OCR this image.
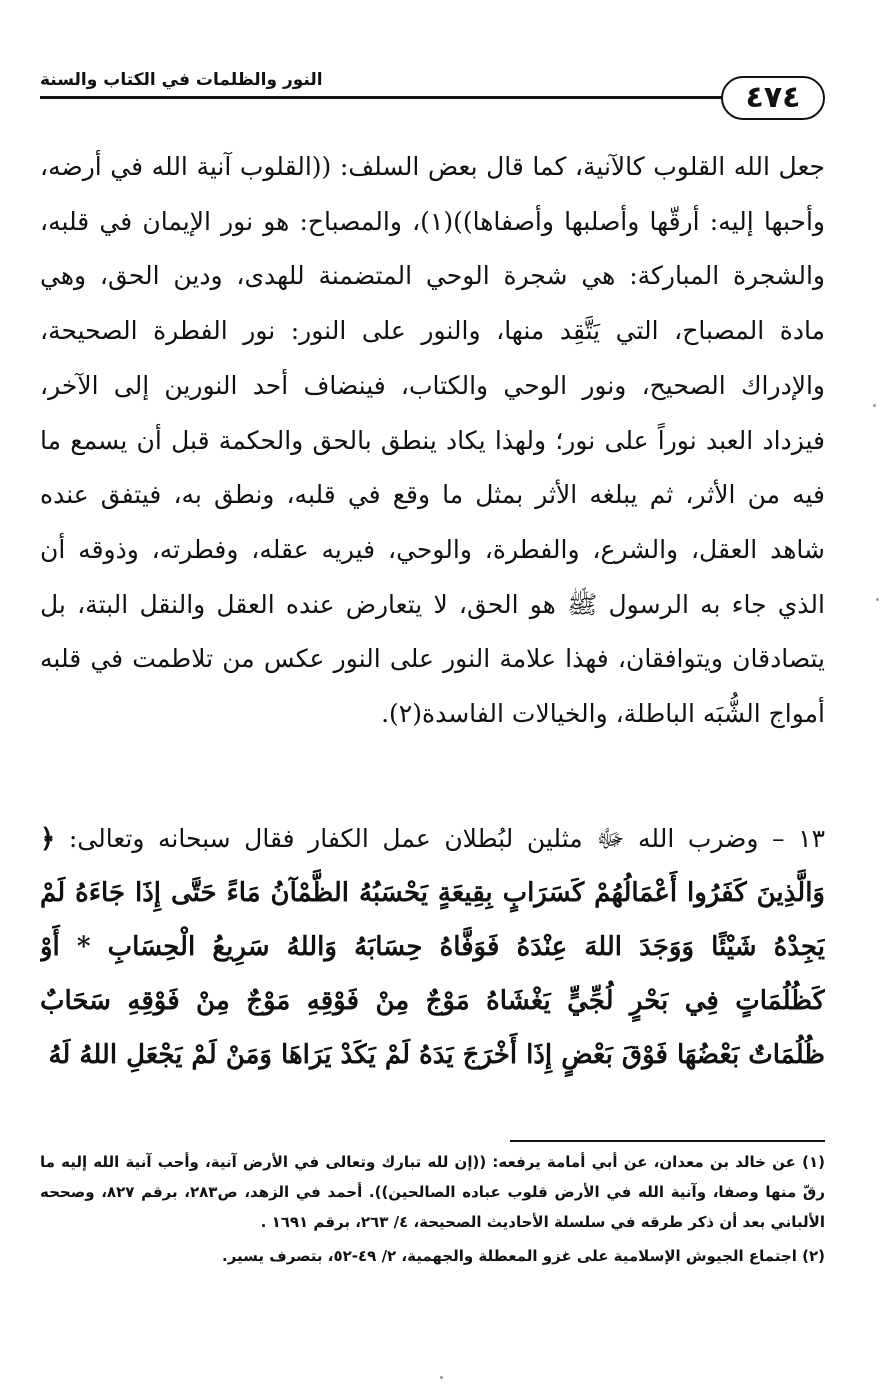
النور والظلمات في الكتاب والسنة	٤٧٤
جعل الله القلوب كالآنية، كما قال بعض السلف: ((القلوب آنية الله في أرضه، وأحبها إليه: أرقّها وأصلبها وأصفاها))(١)، والمصباح: هو نور الإيمان في قلبه، والشجرة المباركة: هي شجرة الوحي المتضمنة للهدى، ودين الحق، وهي مادة المصباح، التي يَتَّقِد منها، والنور على النور: نور الفطرة الصحيحة، والإدراك الصحيح، ونور الوحي والكتاب، فينضاف أحد النورين إلى الآخر، فيزداد العبد نوراً على نور؛ ولهذا يكاد ينطق بالحق والحكمة قبل أن يسمع ما فيه من الأثر، ثم يبلغه الأثر بمثل ما وقع في قلبه، ونطق به، فيتفق عنده شاهد العقل، والشرع، والفطرة، والوحي، فيريه عقله، وفطرته، وذوقه أن الذي جاء به الرسول ﷺ هو الحق، لا يتعارض عنده العقل والنقل البتة، بل يتصادقان ويتوافقان، فهذا علامة النور على النور عكس من تلاطمت في قلبه أمواج الشُّبَه الباطلة، والخيالات الفاسدة(٢).
١٣ – وضرب الله ﷻ مثلين لبُطلان عمل الكفار فقال سبحانه وتعالى: ﴿ وَالَّذِينَ كَفَرُوا أَعْمَالُهُمْ كَسَرَابٍ بِقِيعَةٍ يَحْسَبُهُ الظَّمْآنُ مَاءً حَتَّى إِذَا جَاءَهُ لَمْ يَجِدْهُ شَيْئًا وَوَجَدَ اللهَ عِنْدَهُ فَوَفَّاهُ حِسَابَهُ وَاللهُ سَرِيعُ الْحِسَابِ * أَوْ كَظُلُمَاتٍ فِي بَحْرٍ لُجِّيٍّ يَغْشَاهُ مَوْجٌ مِنْ فَوْقِهِ مَوْجٌ مِنْ فَوْقِهِ سَحَابٌ ظُلُمَاتٌ بَعْضُهَا فَوْقَ بَعْضٍ إِذَا أَخْرَجَ يَدَهُ لَمْ يَكَدْ يَرَاهَا وَمَنْ لَمْ يَجْعَلِ اللهُ لَهُ

(١) عن خالد بن معدان، عن أبي أمامة يرفعه: ((إن لله تبارك وتعالى في الأرض آنية، وأحب آنية الله إليه ما رقّ منها وصفا، وآنية الله في الأرض قلوب عباده الصالحين)). أحمد في الزهد، ص٢٨٣، برقم ٨٢٧، وصححه الألباني بعد أن ذكر طرقه في سلسلة الأحاديث الصحيحة، ٤/ ٢٦٣، برقم ١٦٩١ .

(٢) اجتماع الجيوش الإسلامية على غزو المعطلة والجهمية، ٢/ ٤٩-٥٢، بتصرف يسير.
